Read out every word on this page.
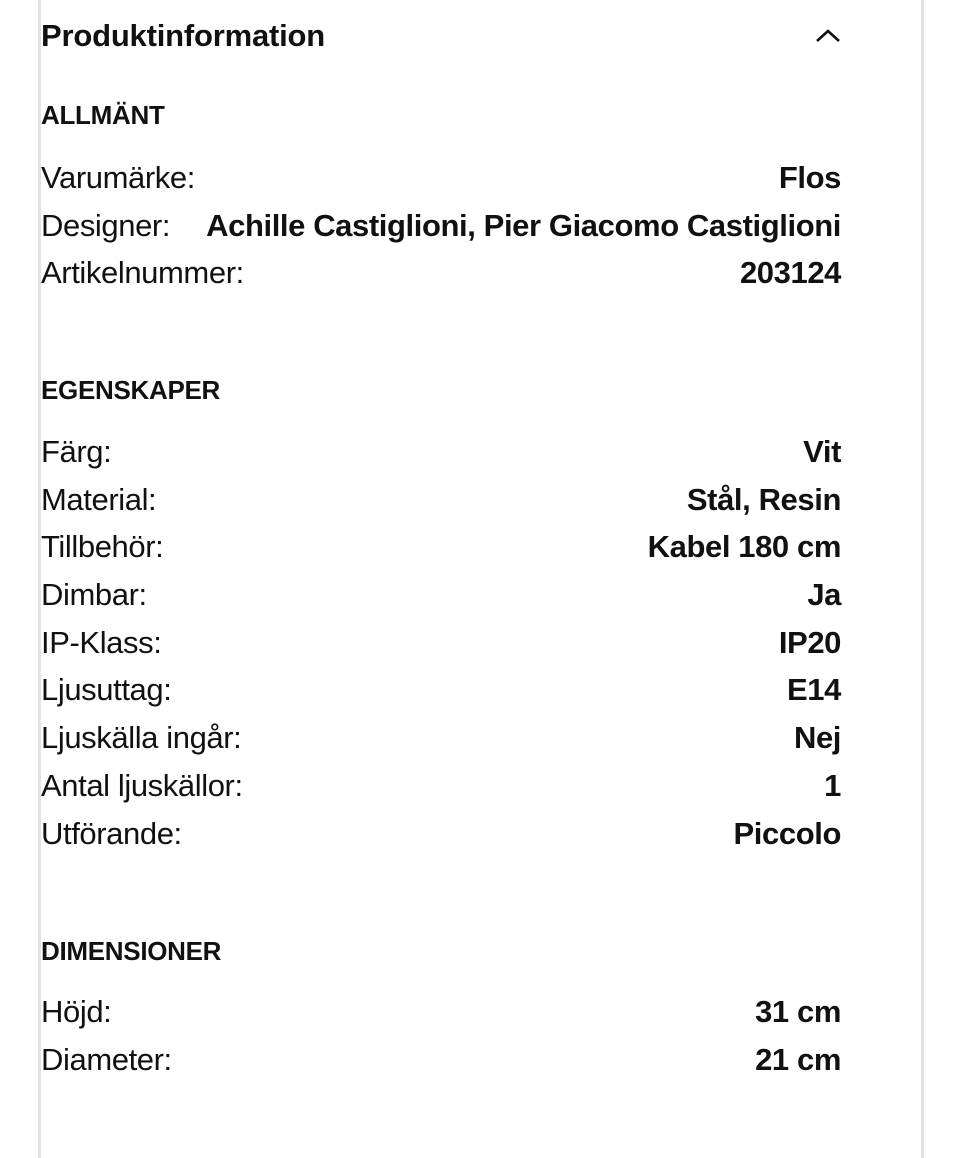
Produktinformation
ALLMÄNT
Varumärke:	Flos
Designer: Achille Castiglioni, Pier Giacomo Castiglioni
Artikelnummer:	203124
EGENSKAPER
Färg:	Vit
Material:	Stål, Resin
Tillbehör:	Kabel 180 cm
Dimbar:	Ja
IP-Klass:	IP20
Ljusuttag:	E14
Ljuskälla ingår:	Nej
Antal ljuskällor:	1
Utförande:	Piccolo
DIMENSIONER
Höjd:	31 cm
Diameter:	21 cm
